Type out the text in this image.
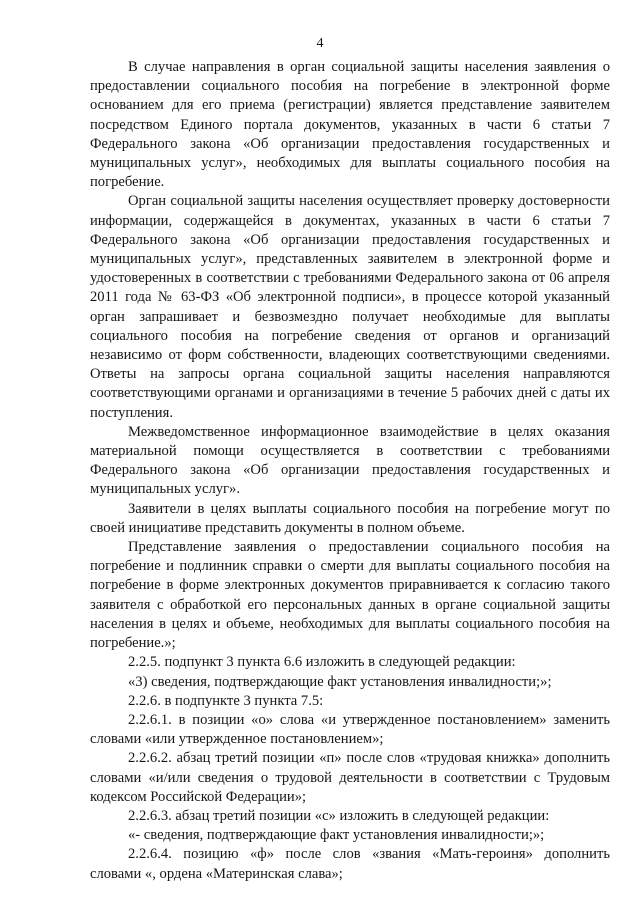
4

В случае направления в орган социальной защиты населения заявления о предоставлении социального пособия на погребение в электронной форме основанием для его приема (регистрации) является представление заявителем посредством Единого портала документов, указанных в части 6 статьи 7 Федерального закона «Об организации предоставления государственных и муниципальных услуг», необходимых для выплаты социального пособия на погребение.

Орган социальной защиты населения осуществляет проверку достоверности информации, содержащейся в документах, указанных в части 6 статьи 7 Федерального закона «Об организации предоставления государственных и муниципальных услуг», представленных заявителем в электронной форме и удостоверенных в соответствии с требованиями Федерального закона от 06 апреля 2011 года № 63-ФЗ «Об электронной подписи», в процессе которой указанный орган запрашивает и безвозмездно получает необходимые для выплаты социального пособия на погребение сведения от органов и организаций независимо от форм собственности, владеющих соответствующими сведениями. Ответы на запросы органа социальной защиты населения направляются соответствующими органами и организациями в течение 5 рабочих дней с даты их поступления.

Межведомственное информационное взаимодействие в целях оказания материальной помощи осуществляется в соответствии с требованиями Федерального закона «Об организации предоставления государственных и муниципальных услуг».

Заявители в целях выплаты социального пособия на погребение могут по своей инициативе представить документы в полном объеме.

Представление заявления о предоставлении социального пособия на погребение и подлинник справки о смерти для выплаты социального пособия на погребение в форме электронных документов приравнивается к согласию такого заявителя с обработкой его персональных данных в органе социальной защиты населения в целях и объеме, необходимых для выплаты социального пособия на погребение.»;

2.2.5. подпункт 3 пункта 6.6 изложить в следующей редакции:

«3) сведения, подтверждающие факт установления инвалидности;»;

2.2.6. в подпункте 3 пункта 7.5:

2.2.6.1. в позиции «о» слова «и утвержденное постановлением» заменить словами «или утвержденное постановлением»;

2.2.6.2. абзац третий позиции «п» после слов «трудовая книжка» дополнить словами «и/или сведения о трудовой деятельности в соответствии с Трудовым кодексом Российской Федерации»;

2.2.6.3. абзац третий позиции «с» изложить в следующей редакции:

«- сведения, подтверждающие факт установления инвалидности;»;

2.2.6.4. позицию «ф» после слов «звания «Мать-героиня» дополнить словами «, ордена «Материнская слава»;
